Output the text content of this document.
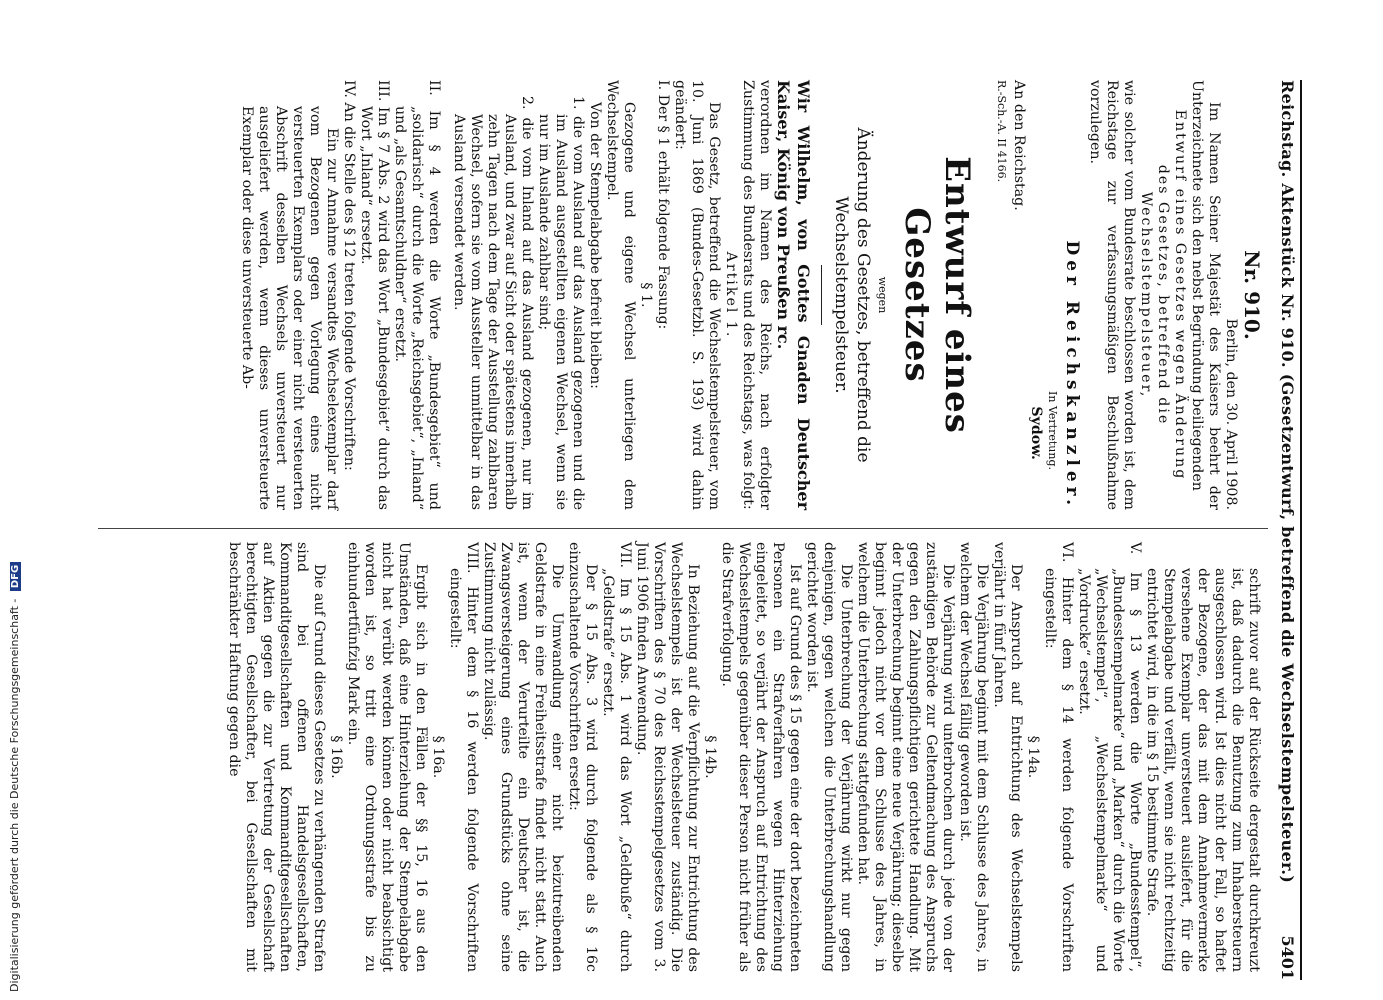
Reichstag. Aktenstück Nr. 910. (Gesetzentwurf, betreffend die Wechselstempelsteuer.)
5401
Nr. 910.

Berlin, den 30. April 1908.

Im Namen Seiner Majestät des Kaisers beehrt der Unterzeichnete sich den nebst Begründung beiliegenden

Entwurf eines Gesetzes wegen Änderung des Gesetzes, betreffend die Wechselstempelsteuer,

wie solcher vom Bundesrate beschlossen worden ist, dem Reichstage zur verfassungsmäßigen Beschlußnahme vorzulegen.

Der Reichskanzler.

In Vertretung.

Sydow.

An den Reichstag.

R.-Sch.-A. II 4166.

Entwurf eines Gesetzes

wegen

Änderung des Gesetzes, betreffend die Wechselstempelsteuer.

Wir Wilhelm, von Gottes Gnaden Deutscher Kaiser, König von Preußen rc.

verordnen im Namen des Reichs, nach erfolgter Zustimmung des Bundesrats und des Reichstags, was folgt:

Artikel 1.

Das Gesetz, betreffend die Wechselstempelsteuer, vom 10. Juni 1869 (Bundes-Gesetzbl. S. 193) wird dahin geändert:

I. Der § 1 erhält folgende Fassung:

§ 1.

Gezogene und eigene Wechsel unterliegen dem Wechselstempel.

Von der Stempelabgabe befreit bleiben:

1. die vom Ausland auf das Ausland gezogenen und die im Ausland ausgestellten eigenen Wechsel, wenn sie nur im Auslande zahlbar sind;

2. die vom Inland auf das Ausland gezogenen, nur im Ausland, und zwar auf Sicht oder spätestens innerhalb zehn Tagen nach dem Tage der Ausstellung zahlbaren Wechsel, sofern sie vom Aussteller unmittelbar in das Ausland versendet werden.

II. Im § 4 werden die Worte „Bundesgebiet“ und „solidarisch“ durch die Worte „Reichsgebiet“, „Inland“ und „als Gesamtschuldner“ ersetzt.

III. Im § 7 Abs. 2 wird das Wort „Bundesgebiet“ durch das Wort „Inland“ ersetzt.

IV. An die Stelle des § 12 treten folgende Vorschriften:

Ein zur Annahme versandtes Wechselexemplar darf vom Bezogenen gegen Vorlegung eines nicht versteuerten Exemplars oder einer nicht versteuerten Abschrift desselben Wechsels unversteuert nur ausgeliefert werden, wenn dieses unversteuerte Exemplar oder diese unversteuerte Ab-

schrift zuvor auf der Rückseite dergestalt durchkreuzt ist, daß dadurch die Benutzung zum Inhabersteuern ausgeschlossen wird. Ist dies nicht der Fall, so haftet der Bezogene, der das mit dem Annahmevermerke versehene Exemplar unversteuert ausliefert, für die Stempelabgabe und verfällt, wenn sie nicht rechtzeitig entrichtet wird, in die im § 15 bestimmte Strafe.

V. Im § 13 werden die Worte „Bundesstempel“, „Bundesstempelmarke“ und „Marken“ durch die Worte „Wechselstempel“, „Wechselstempelmarke“ und „Vordrucke“ ersetzt.

VI. Hinter dem § 14 werden folgende Vorschriften eingestellt:

§ 14a.

Der Anspruch auf Entrichtung des Wechselstempels verjährt in fünf Jahren.

Die Verjährung beginnt mit dem Schlusse des Jahres, in welchem der Wechsel fällig geworden ist.

Die Verjährung wird unterbrochen durch jede von der zuständigen Behörde zur Geltendmachung des Anspruchs gegen den Zahlungspflichtigen gerichtete Handlung. Mit der Unterbrechung beginnt eine neue Verjährung; dieselbe beginnt jedoch nicht vor dem Schlusse des Jahres, in welchem die Unterbrechung stattgefunden hat.

Die Unterbrechung der Verjährung wirkt nur gegen denjenigen, gegen welchen die Unterbrechungshandlung gerichtet worden ist.

Ist auf Grund des § 15 gegen eine der dort bezeichneten Personen ein Strafverfahren wegen Hinterziehung eingeleitet, so verjährt der Anspruch auf Entrichtung des Wechselstempels gegenüber dieser Person nicht früher als die Strafverfolgung.

§ 14b.

In Beziehung auf die Verpflichtung zur Entrichtung des Wechselstempels ist der Wechselsteuer zuständig. Die Vorschriften des § 70 des Reichsstempelgesetzes vom 3. Juni 1906 finden Anwendung.

VII. Im § 15 Abs. 1 wird das Wort „Geldbuße“ durch „Geldstrafe“ ersetzt.

Der § 15 Abs. 3 wird durch folgende als § 16c einzuschaltende Vorschriften ersetzt:

Die Umwandlung einer nicht beizutreibenden Geldstrafe in eine Freiheitsstrafe findet nicht statt. Auch ist, wenn der Verurteilte ein Deutscher ist, die Zwangsversteigerung eines Grundstücks ohne seine Zustimmung nicht zulässig.

VIII. Hinter dem § 16 werden folgende Vorschriften eingestellt:

§ 16a.

Ergibt sich in den Fällen der §§ 15, 16 aus den Umständen, daß eine Hinterziehung der Stempelabgabe nicht hat verübt werden können oder nicht beabsichtigt worden ist, so tritt eine Ordnungsstrafe bis zu einhundertfünfzig Mark ein.

§ 16b.

Die auf Grund dieses Gesetzes zu verhängenden Strafen sind bei offenen Handelsgesellschaften, Kommanditgesellschaften und Kommanditgesellschaften auf Aktien gegen die zur Vertretung der Gesellschaft berechtigten Gesellschafter, bei Gesellschaften mit beschränkter Haftung gegen die

Digitalisierung gefördert durch die Deutsche Forschungsgemeinschaft - DFG
